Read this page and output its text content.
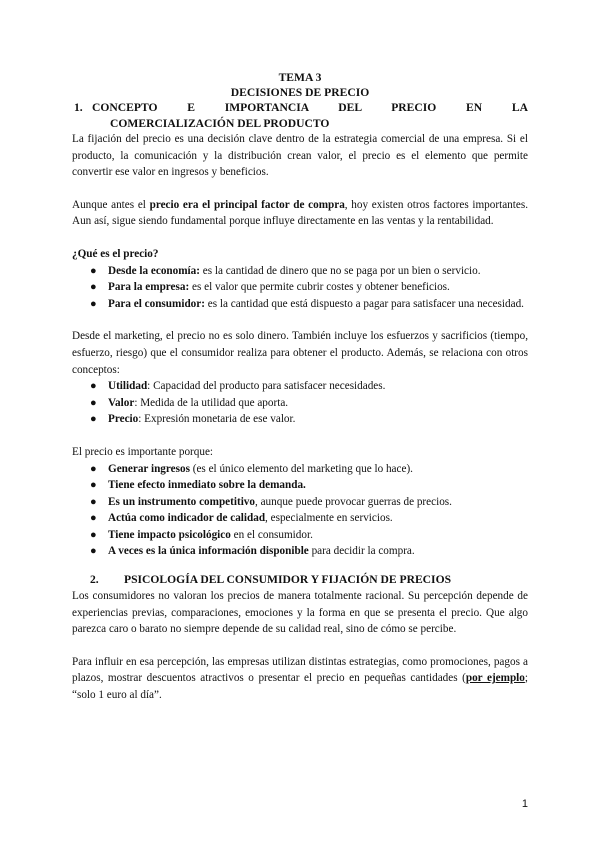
TEMA 3
DECISIONES DE PRECIO
1. CONCEPTO E IMPORTANCIA DEL PRECIO EN LA
COMERCIALIZACIÓN DEL PRODUCTO

La fijación del precio es una decisión clave dentro de la estrategia comercial de una empresa. Si el producto, la comunicación y la distribución crean valor, el precio es el elemento que permite convertir ese valor en ingresos y beneficios.

Aunque antes el precio era el principal factor de compra, hoy existen otros factores importantes. Aun así, sigue siendo fundamental porque influye directamente en las ventas y la rentabilidad.

¿Qué es el precio?
● Desde la economía: es la cantidad de dinero que no se paga por un bien o servicio.
● Para la empresa: es el valor que permite cubrir costes y obtener beneficios.
● Para el consumidor: es la cantidad que está dispuesto a pagar para satisfacer una necesidad.

Desde el marketing, el precio no es solo dinero. También incluye los esfuerzos y sacrificios (tiempo, esfuerzo, riesgo) que el consumidor realiza para obtener el producto. Además, se relaciona con otros conceptos:

● Utilidad: Capacidad del producto para satisfacer necesidades.
● Valor: Medida de la utilidad que aporta.
● Precio: Expresión monetaria de ese valor.

El precio es importante porque:

● Generar ingresos (es el único elemento del marketing que lo hace).
● Tiene efecto inmediato sobre la demanda.
● Es un instrumento competitivo, aunque puede provocar guerras de precios.
● Actúa como indicador de calidad, especialmente en servicios.
● Tiene impacto psicológico en el consumidor.
● A veces es la única información disponible para decidir la compra.
2.	PSICOLOGÍA DEL CONSUMIDOR Y FIJACIÓN DE PRECIOS

Los consumidores no valoran los precios de manera totalmente racional. Su percepción depende de experiencias previas, comparaciones, emociones y la forma en que se presenta el precio. Que algo parezca caro o barato no siempre depende de su calidad real, sino de cómo se percibe.

Para influir en esa percepción, las empresas utilizan distintas estrategias, como promociones, pagos a plazos, mostrar descuentos atractivos o presentar el precio en pequeñas cantidades (por ejemplo; “solo 1 euro al día”.

1
